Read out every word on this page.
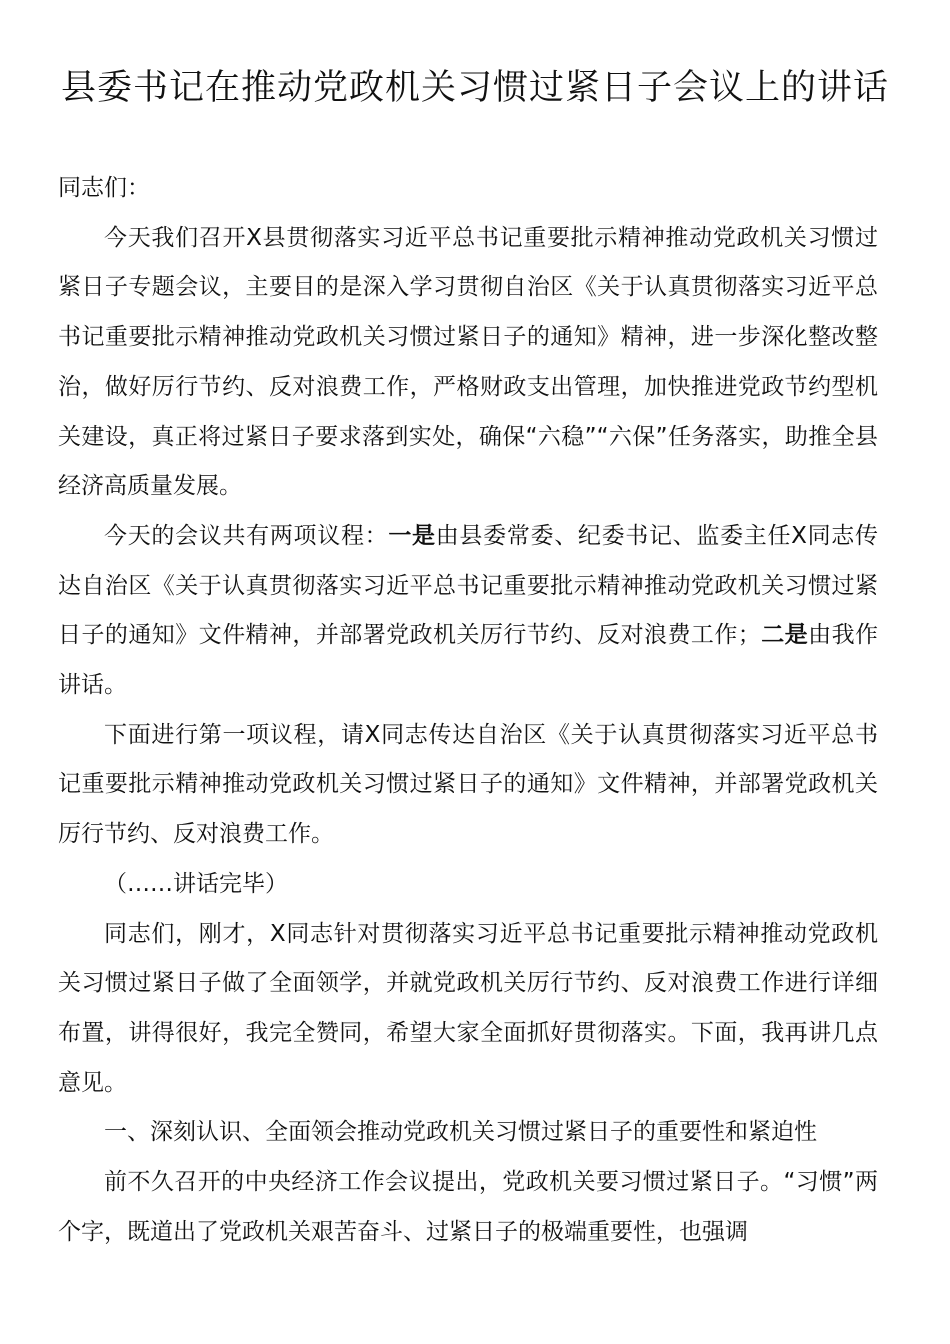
县委书记在推动党政机关习惯过紧日子会议上的讲话

同志们：

今天我们召开X县贯彻落实习近平总书记重要批示精神推动党政机关习惯过紧日子专题会议，主要目的是深入学习贯彻自治区《关于认真贯彻落实习近平总书记重要批示精神推动党政机关习惯过紧日子的通知》精神，进一步深化整改整治，做好厉行节约、反对浪费工作，严格财政支出管理，加快推进党政节约型机关建设，真正将过紧日子要求落到实处，确保“六稳”“六保”任务落实，助推全县经济高质量发展。

今天的会议共有两项议程：一是由县委常委、纪委书记、监委主任X同志传达自治区《关于认真贯彻落实习近平总书记重要批示精神推动党政机关习惯过紧日子的通知》文件精神，并部署党政机关厉行节约、反对浪费工作；二是由我作讲话。

下面进行第一项议程，请X同志传达自治区《关于认真贯彻落实习近平总书记重要批示精神推动党政机关习惯过紧日子的通知》文件精神，并部署党政机关厉行节约、反对浪费工作。

（……讲话完毕）

同志们，刚才，X同志针对贯彻落实习近平总书记重要批示精神推动党政机关习惯过紧日子做了全面领学，并就党政机关厉行节约、反对浪费工作进行详细布置，讲得很好，我完全赞同，希望大家全面抓好贯彻落实。下面，我再讲几点意见。

一、深刻认识、全面领会推动党政机关习惯过紧日子的重要性和紧迫性

前不久召开的中央经济工作会议提出，党政机关要习惯过紧日子。“习惯”两个字，既道出了党政机关艰苦奋斗、过紧日子的极端重要性，也强调
